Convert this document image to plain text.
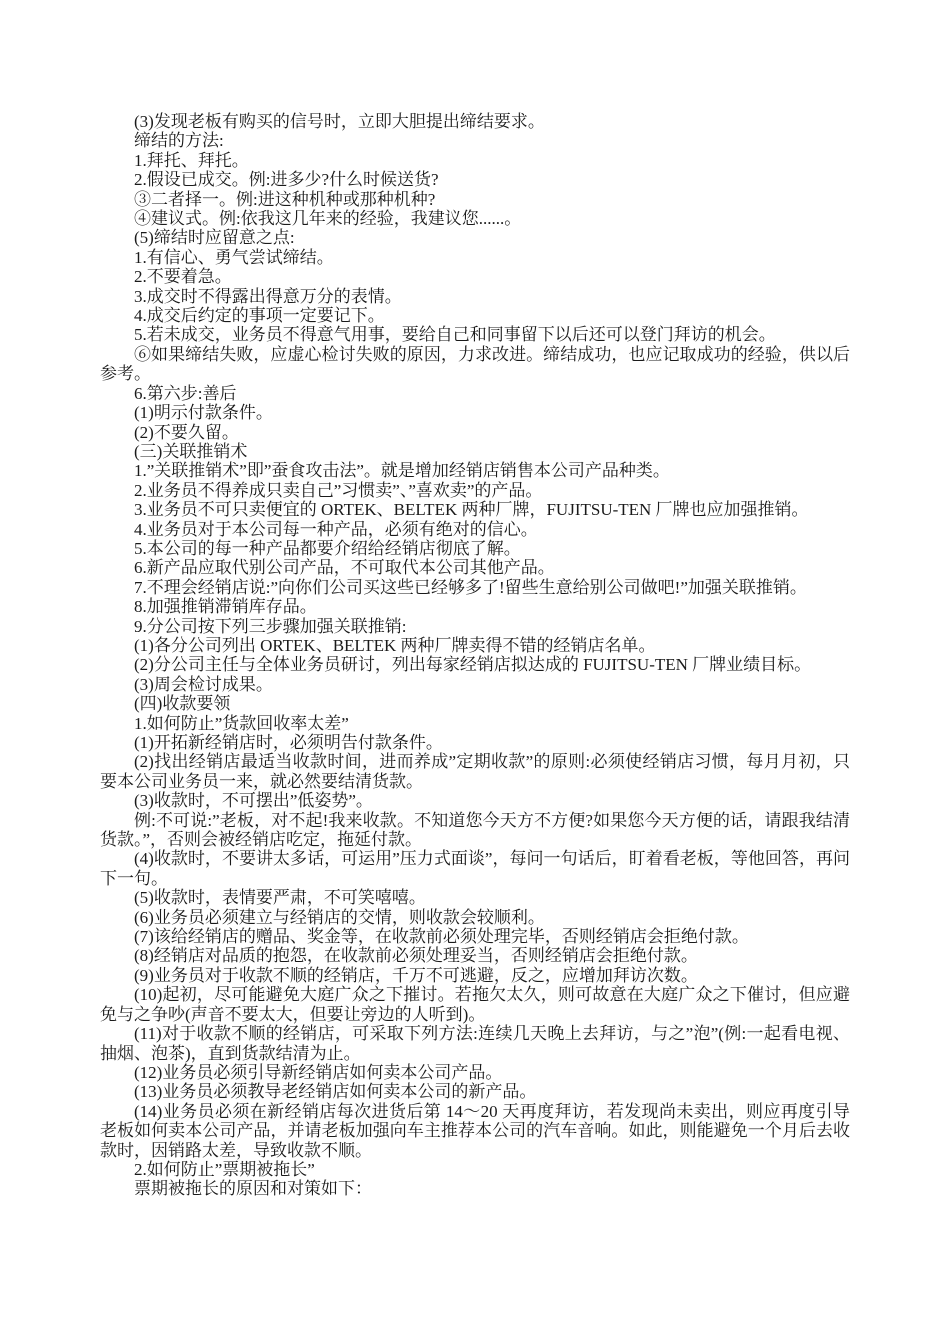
(3)发现老板有购买的信号时，立即大胆提出缔结要求。

缔结的方法:

1.拜托、拜托。

2.假设已成交。例:进多少?什么时候送货?

③二者择一。例:进这种机种或那种机种?

④建议式。例:依我这几年来的经验，我建议您......。

(5)缔结时应留意之点:

1.有信心、勇气尝试缔结。

2.不要着急。

3.成交时不得露出得意万分的表情。

4.成交后约定的事项一定要记下。

5.若未成交，业务员不得意气用事，要给自己和同事留下以后还可以登门拜访的机会。

⑥如果缔结失败，应虚心检讨失败的原因，力求改进。缔结成功，也应记取成功的经验，供以后参考。

6.第六步:善后

(1)明示付款条件。

(2)不要久留。

(三)关联推销术

1.”关联推销术”即”蚕食攻击法”。就是增加经销店销售本公司产品种类。

2.业务员不得养成只卖自己”习惯卖”、”喜欢卖”的产品。

3.业务员不可只卖便宜的 ORTEK、BELTEK 两种厂牌，FUJITSU-TEN 厂牌也应加强推销。

4.业务员对于本公司每一种产品，必须有绝对的信心。

5.本公司的每一种产品都要介绍给经销店彻底了解。

6.新产品应取代别公司产品，不可取代本公司其他产品。

7.不理会经销店说:”向你们公司买这些已经够多了!留些生意给别公司做吧!”加强关联推销。

8.加强推销滞销库存品。

9.分公司按下列三步骤加强关联推销:

(1)各分公司列出 ORTEK、BELTEK 两种厂牌卖得不错的经销店名单。

(2)分公司主任与全体业务员研讨，列出每家经销店拟达成的 FUJITSU-TEN 厂牌业绩目标。

(3)周会检讨成果。

(四)收款要领

1.如何防止”货款回收率太差”

(1)开拓新经销店时，必须明告付款条件。

(2)找出经销店最适当收款时间，进而养成”定期收款”的原则:必须使经销店习惯，每月月初，只要本公司业务员一来，就必然要结清货款。

(3)收款时，不可摆出”低姿势”。

例:不可说:”老板，对不起!我来收款。不知道您今天方不方便?如果您今天方便的话，请跟我结清货款。”，否则会被经销店吃定，拖延付款。

(4)收款时，不要讲太多话，可运用”压力式面谈”，每问一句话后，盯着看老板，等他回答，再问下一句。

(5)收款时，表情要严肃，不可笑嘻嘻。

(6)业务员必须建立与经销店的交情，则收款会较顺利。

(7)该给经销店的赠品、奖金等，在收款前必须处理完毕，否则经销店会拒绝付款。

(8)经销店对品质的抱怨，在收款前必须处理妥当，否则经销店会拒绝付款。

(9)业务员对于收款不顺的经销店，千万不可逃避，反之，应增加拜访次数。

(10)起初，尽可能避免大庭广众之下摧讨。若拖欠太久，则可故意在大庭广众之下催讨，但应避免与之争吵(声音不要太大，但要让旁边的人听到)。

(11)对于收款不顺的经销店，可采取下列方法:连续几天晚上去拜访，与之”泡”(例:一起看电视、抽烟、泡茶)，直到货款结清为止。

(12)业务员必须引导新经销店如何卖本公司产品。

(13)业务员必须教导老经销店如何卖本公司的新产品。

(14)业务员必须在新经销店每次进货后第 14～20 天再度拜访，若发现尚未卖出，则应再度引导老板如何卖本公司产品，并请老板加强向车主推荐本公司的汽车音响。如此，则能避免一个月后去收款时，因销路太差，导致收款不顺。

2.如何防止”票期被拖长”

票期被拖长的原因和对策如下：
